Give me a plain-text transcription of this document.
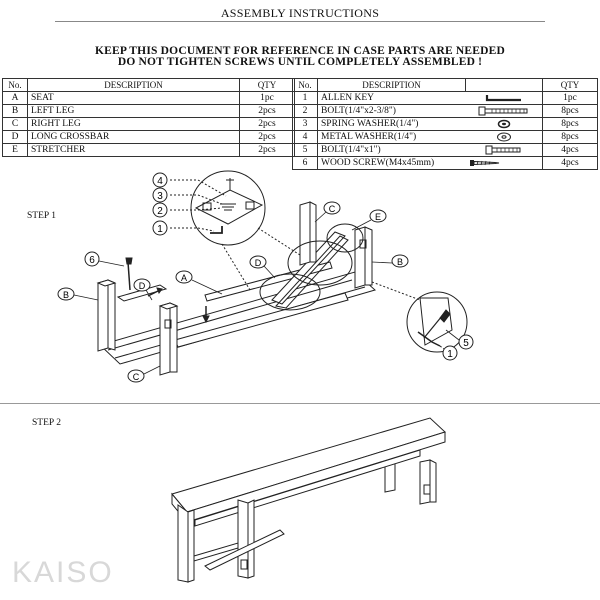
ASSEMBLY INSTRUCTIONS
KEEP THIS DOCUMENT FOR REFERENCE IN CASE PARTS ARE NEEDED
DO NOT TIGHTEN SCREWS UNTIL COMPLETELY ASSEMBLED !
No.	DESCRIPTION	QTY
A	SEAT	1pc
B	LEFT LEG	2pcs
C	RIGHT LEG	2pcs
D	LONG CROSSBAR	2pcs
E	STRETCHER	2pcs
No.	DESCRIPTION		QTY
1	ALLEN KEY		1pc
2	BOLT(1/4"x2-3/8")		8pcs
3	SPRING WASHER(1/4")		8pcs
4	METAL WASHER(1/4")		8pcs
5	BOLT(1/4"x1")		4pcs
6	WOOD SCREW(M4x45mm)		4pcs
STEP 1
4
3
2
1
6
B
D
A
D
C
E
B
C
5
1
STEP 2
KAISO
